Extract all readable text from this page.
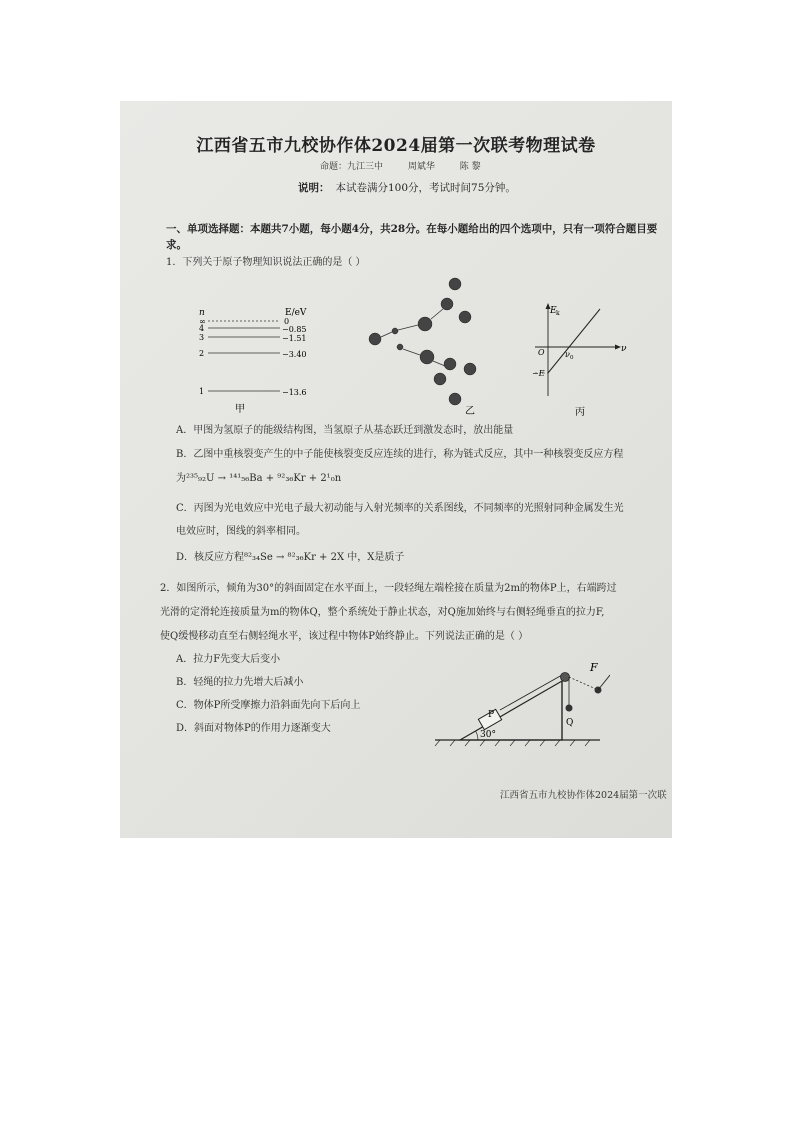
江西省五市九校协作体2024届第一次联考物理试卷
命题：九江三中	周斌华	陈 黎
说明： 本试卷满分100分，考试时间75分钟。
一、单项选择题：本题共7小题，每小题4分，共28分。在每小题给出的四个选项中，只有一项符合题目要求。
1．下列关于原子物理知识说法正确的是（ ）
n	E/eV
∞
4
3
2
1
0
−0.85
−1.51
−3.40
−13.6
甲	乙
E k
ν
O	ν 0
−E
丙
A．甲图为氢原子的能级结构图，当氢原子从基态跃迁到激发态时，放出能量
B．乙图中重核裂变产生的中子能使核裂变反应连续的进行，称为链式反应，其中一种核裂变反应方程
为²³⁵₉₂U → ¹⁴¹₅₆Ba + ⁹²₃₆Kr + 2¹₀n
C．丙图为光电效应中光电子最大初动能与入射光频率的关系图线，不同频率的光照射同种金属发生光
电效应时，图线的斜率相同。
D．核反应方程⁸²₃₄Se → ⁸²₃₆Kr + 2X 中，X是质子
2．如图所示，倾角为30°的斜面固定在水平面上，一段轻绳左端栓接在质量为2m的物体P上，右端跨过
光滑的定滑轮连接质量为m的物体Q，整个系统处于静止状态，对Q施加始终与右侧轻绳垂直的拉力F,
使Q缓慢移动直至右侧轻绳水平，该过程中物体P始终静止。下列说法正确的是（ ）
A．拉力F先变大后变小
B．轻绳的拉力先增大后减小
C．物体P所受摩擦力沿斜面先向下后向上
D．斜面对物体P的作用力逐渐变大
P
Q
F
30°
江西省五市九校协作体2024届第一次联
